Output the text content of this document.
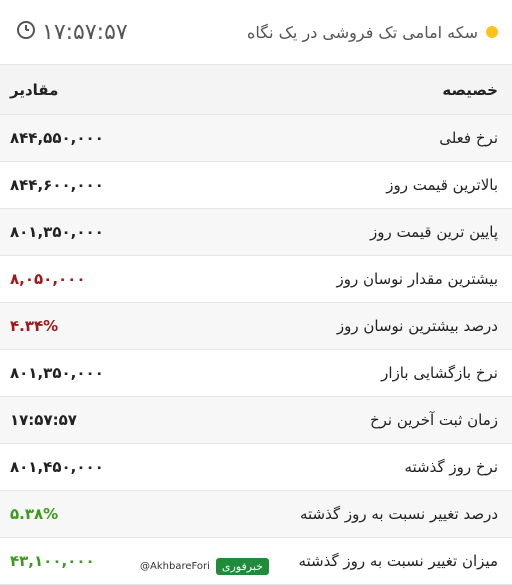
۱۷:۵۷:۵۷	سکه امامی تک فروشی در یک نگاه
مقادیر	خصیصه
۸۴۴,۵۵۰,۰۰۰	نرخ فعلی
۸۴۴,۶۰۰,۰۰۰	بالاترین قیمت روز
۸۰۱,۳۵۰,۰۰۰	پایین ترین قیمت روز
۸,۰۵۰,۰۰۰	بیشترین مقدار نوسان روز
۴.۳۴%	درصد بیشترین نوسان روز
۸۰۱,۳۵۰,۰۰۰	نرخ بازگشایی بازار
۱۷:۵۷:۵۷	زمان ثبت آخرین نرخ
۸۰۱,۴۵۰,۰۰۰	نرخ روز گذشته
۵.۳۸%	درصد تغییر نسبت به روز گذشته
۴۳,۱۰۰,۰۰۰	میزان تغییر نسبت به روز گذشته
@AkhbareFori	خبرفوری
